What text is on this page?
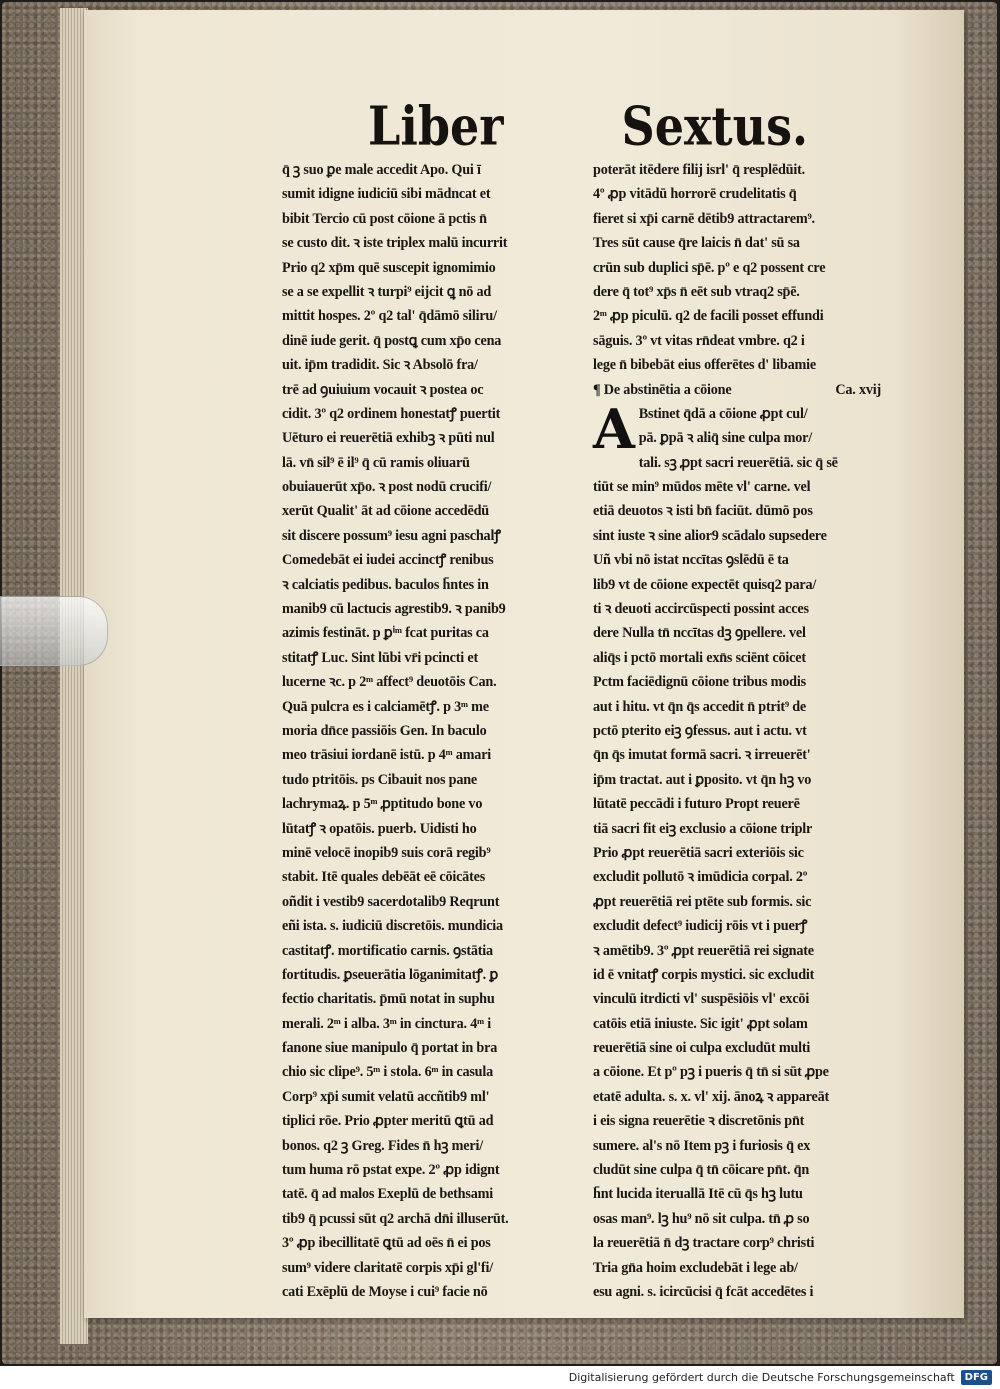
Liber	Sextus.
q̄ ꝫ suo ꝑe male accedit Apo. Qui ī
sumit idigne iudiciū sibi mādncat et
bibit Tercio cū post cōione ā pctis n̄
se custo dit. ꝛ iste triplex malū incurrit
Prio q2 xp̄m quē suscepit ignomimio
se a se expellit ꝛ turpi⁹ eijcit ꝗ nō ad
mittit hospes. 2º q2 tal' q̄dāmō siliru/
dinē iude gerit. q̄ postꝗ cum xp̄o cena
uit. ip̄m tradidit. Sic ꝛ Absolō fra/
trē ad ꝯuiuium vocauit ꝛ postea oc
cidit. 3º q2 ordinem honestatꝭ puertit
Uēturo ei reuerētiā exhibꝫ ꝛ pūti nul
lā. vn̄ sil⁹ ē il⁹ q̄ cū ramis oliuarū
obuiauerūt xp̄o. ꝛ post nodū crucifi/
xerūt Qualit' āt ad cōione accedēdū
sit discere possum⁹ iesu agni paschalꝭ
Comedebāt ei iudei accinctꝭ renibus
ꝛ calciatis pedibus. baculos h̄ntes in
manib9 cū lactucis agrestib9. ꝛ panib9
azimis festināt. p ꝑⁱᵐ fcat puritas ca
stitatꝭ Luc. Sint lūbi vr̄i pcincti et
lucerne ꝛc. p 2ᵐ affect⁹ deuotōis Can.
Quā pulcra es i calciamētꝭ. p 3ᵐ me
moria dn̄ce passiōis Gen. In baculo
meo trāsiui iordanē istū. p 4ᵐ amari
tudo ptritōis. ps Cibauit nos pane
lachrymaꝝ. p 5ᵐ ꝓptitudo bone vo
lūtatꝭ ꝛ opatōis. puerb. Uidisti ho
minē velocē inopib9 suis corā regib⁹
stabit. Itē quales debēāt eē cōicātes
oñdit i vestib9 sacerdotalib9 Reqrunt
eñi ista. s. iudiciū discretōis. mundicia
castitatꝭ. mortificatio carnis. ꝯstātia
fortitudis. ꝑseuerātia lōganimitatꝭ. ꝑ
fectio charitatis. p̄mū notat in suphu
merali. 2ᵐ i alba. 3ᵐ in cinctura. 4ᵐ i
fanone siue manipulo q̄ portat in bra
chio sic clipe⁹. 5ᵐ i stola. 6ᵐ in casula
Corp⁹ xp̄i sumit velatū accñtib9 ml'
tiplici rōe. Prio ꝓpter meritū ꝗtū ad
bonos. q2 ꝫ Greg. Fides n̄ hꝫ meri/
tum huma rō pstat expe. 2º ꝓp idignt
tatē. q̄ ad malos Exeplū de bethsami
tib9 q̄ pcussi sūt q2 archā dn̄i illuserūt.
3º ꝓp ibecillitatē ꝗtū ad oēs n̄ ei pos
sum⁹ videre claritatē corpis xp̄i gl'fi/
cati Exēplū de Moyse i cui⁹ facie nō
poterāt itēdere filij isrl' q̄ resplēdūit.
4º ꝓp vitādū horrorē crudelitatis q̄
fieret si xp̄i carnē dētib9 attractarem⁹.
Tres sūt cause q̄re laicis n̄ dat' sū sa
crūn sub duplici sp̄ē. pº e q2 possent cre
dere q̄ tot⁹ xp̄s n̄ eēt sub vtraq2 sp̄ē.
2ᵐ ꝓp piculū. q2 de facili posset effundi
sāguis. 3º vt vitas rn̄deat vmbre. q2 i
lege n̄ bibebāt eius offerētes d' libamie
¶ De abstinētia a cōione	Ca. xvij
A Bstinet q̄dā a cōione ꝓpt cul/
pā. ꝑpā ꝛ aliq̄ sine culpa mor/
tali. sꝫ ꝓpt sacri reuerētiā. sic q̄ sē
tiūt se min⁹ mūdos mēte vl' carne. vel
etiā deuotos ꝛ isti bn̄ faciūt. dūmō pos
sint iuste ꝛ sine alior9 scādalo supsedere
Uñ vbi nō istat nccītas ꝯslēdū ē ta
lib9 vt de cōione expectēt quisq2 para/
ti ꝛ deuoti accircūspecti possint acces
dere Nulla tn̄ nccītas dꝫ ꝯpellere. vel
aliq̄s i pctō mortali exn̄s sciēnt cōicet
Pctm faciēdignū cōione tribus modis
aut i hitu. vt q̄n q̄s accedit n̄ ptrit⁹ de
pctō pterito eiꝫ ꝯfessus. aut i actu. vt
q̄n q̄s imutat formā sacri. ꝛ irreuerēt'
ip̄m tractat. aut i ꝑposito. vt q̄n hꝫ vo
lūtatē peccādi i futuro Propt reuerē
tiā sacri fit eiꝫ exclusio a cōione triplr
Prio ꝓpt reuerētiā sacri exteriōis sic
excludit pollutō ꝛ imūdicia corpal. 2º
ꝓpt reuerētiā rei ptēte sub formis. sic
excludit defect⁹ iudicij rōis vt i puerꝭ
ꝛ amētib9. 3º ꝓpt reuerētiā rei signate
id ē vnitatꝭ corpis mystici. sic excludit
vinculū itrdicti vl' suspēsiōis vl' excōi
catōis etiā iniuste. Sic igit' ꝓpt solam
reuerētiā sine oi culpa excludūt multi
a cōione. Et pº pꝫ i pueris q̄ tn̄ si sūt ꝓpe
etatē adulta. s. x. vl' xij. ānoꝝ ꝛ appareāt
i eis signa reuerētie ꝛ discretōnis pn̄t
sumere. al's nō Item pꝫ i furiosis q̄ ex
cludūt sine culpa q̄ tn̄ cōicare pn̄t. q̄n
h̄nt lucida iteruallā Itē cū q̄s hꝫ lutu
osas man⁹. lꝫ hu⁹ nō sit culpa. tn̄ ꝓ so
la reuerētiā n̄ dꝫ tractare corp⁹ christi
Tria gn̄a hoim excludebāt i lege ab/
esu agni. s. icircūcisi q̄ fcāt accedētes i
Digitalisierung gefördert durch die Deutsche Forschungsgemeinschaft	DFG
